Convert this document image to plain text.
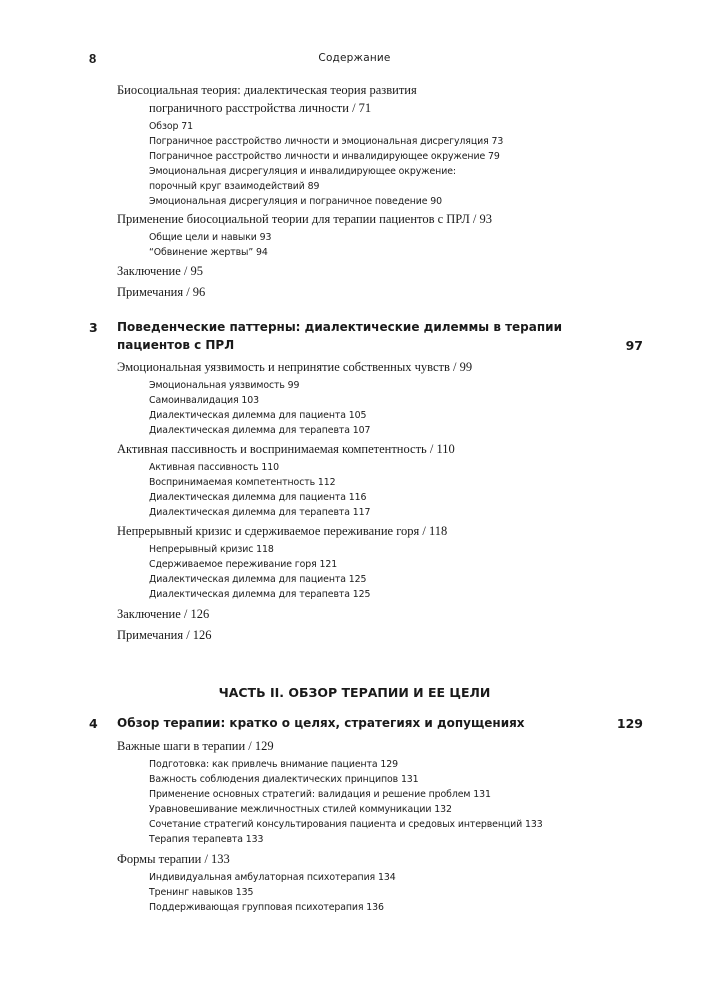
8	Содержание
Биосоциальная теория: диалектическая теория развития
пограничного расстройства личности / 71
Обзор 71
Пограничное расстройство личности и эмоциональная дисрегуляция 73
Пограничное расстройство личности и инвалидирующее окружение 79
Эмоциональная дисрегуляция и инвалидирующее окружение:
порочный круг взаимодействий 89
Эмоциональная дисрегуляция и пограничное поведение 90
Применение биосоциальной теории для терапии пациентов с ПРЛ / 93
Общие цели и навыки 93
“Обвинение жертвы” 94
Заключение / 95
Примечания / 96
3 Поведенческие паттерны: диалектические дилеммы в терапии
пациентов с ПРЛ	97
Эмоциональная уязвимость и непринятие собственных чувств / 99
Эмоциональная уязвимость 99
Самоинвалидация 103
Диалектическая дилемма для пациента 105
Диалектическая дилемма для терапевта 107
Активная пассивность и воспринимаемая компетентность / 110
Активная пассивность 110
Воспринимаемая компетентность 112
Диалектическая дилемма для пациента 116
Диалектическая дилемма для терапевта 117
Непрерывный кризис и сдерживаемое переживание горя / 118
Непрерывный кризис 118
Сдерживаемое переживание горя 121
Диалектическая дилемма для пациента 125
Диалектическая дилемма для терапевта 125
Заключение / 126
Примечания / 126
ЧАСТЬ II. ОБЗОР ТЕРАПИИ И ЕЕ ЦЕЛИ
4 Обзор терапии: кратко о целях, стратегиях и допущениях	129
Важные шаги в терапии / 129
Подготовка: как привлечь внимание пациента 129
Важность соблюдения диалектических принципов 131
Применение основных стратегий: валидация и решение проблем 131
Уравновешивание межличностных стилей коммуникации 132
Сочетание стратегий консультирования пациента и средовых интервенций 133
Терапия терапевта 133
Формы терапии / 133
Индивидуальная амбулаторная психотерапия 134
Тренинг навыков 135
Поддерживающая групповая психотерапия 136
